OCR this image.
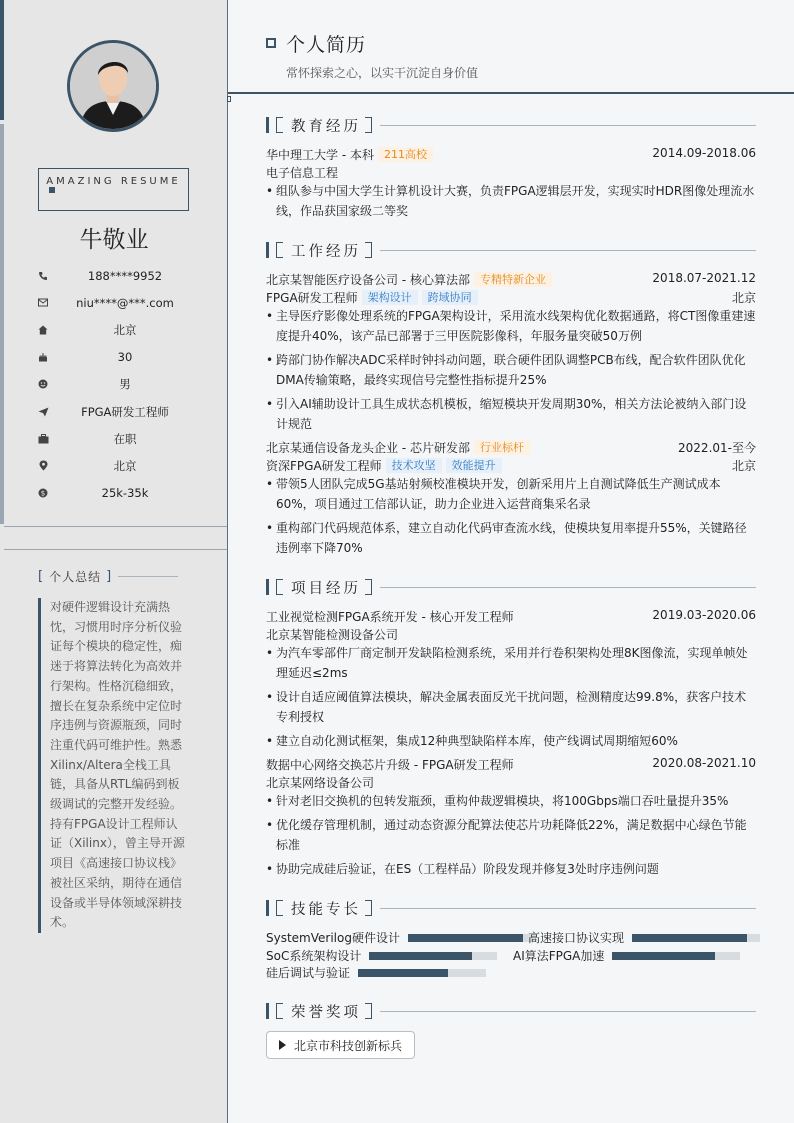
AMAZING RESUME
牛敬业
188****9952
niu****@***.com
北京
30
男
FPGA研发工程师
在职
北京
$	25k-35k
[ 个人总结 ]
对硬件逻辑设计充满热忱，习惯用时序分析仪验证每个模块的稳定性，痴迷于将算法转化为高效并行架构。性格沉稳细致，擅长在复杂系统中定位时序违例与资源瓶颈，同时注重代码可维护性。熟悉Xilinx/Altera全栈工具链，具备从RTL编码到板级调试的完整开发经验。持有FPGA设计工程师认证（Xilinx），曾主导开源项目《高速接口协议栈》被社区采纳，期待在通信设备或半导体领域深耕技术。
个人简历
常怀探索之心，以实干沉淀自身价值
教育经历
华中理工大学 - 本科 211高校	2014.09-2018.06
电子信息工程
• 组队参与中国大学生计算机设计大赛，负责FPGA逻辑层开发，实现实时HDR图像处理流水线，作品获国家级二等奖
工作经历
北京某智能医疗设备公司 - 核心算法部 专精特新企业	2018.07-2021.12
FPGA研发工程师 架构设计	跨域协同	北京
• 主导医疗影像处理系统的FPGA架构设计，采用流水线架构优化数据通路，将CT图像重建速度提升40%，该产品已部署于三甲医院影像科，年服务量突破50万例
• 跨部门协作解决ADC采样时钟抖动问题，联合硬件团队调整PCB布线，配合软件团队优化DMA传输策略，最终实现信号完整性指标提升25%
• 引入AI辅助设计工具生成状态机模板，缩短模块开发周期30%，相关方法论被纳入部门设计规范
北京某通信设备龙头企业 - 芯片研发部 行业标杆	2022.01-至今
资深FPGA研发工程师 技术攻坚	效能提升	北京
• 带领5人团队完成5G基站射频校准模块开发，创新采用片上自测试降低生产测试成本60%，项目通过工信部认证，助力企业进入运营商集采名录
• 重构部门代码规范体系，建立自动化代码审查流水线，使模块复用率提升55%，关键路径违例率下降70%
项目经历
工业视觉检测FPGA系统开发 - 核心开发工程师	2019.03-2020.06
北京某智能检测设备公司
• 为汽车零部件厂商定制开发缺陷检测系统，采用并行卷积架构处理8K图像流，实现单帧处理延迟≤2ms
• 设计自适应阈值算法模块，解决金属表面反光干扰问题，检测精度达99.8%，获客户技术专利授权
• 建立自动化测试框架，集成12种典型缺陷样本库，使产线调试周期缩短60%
数据中心网络交换芯片升级 - FPGA研发工程师	2020.08-2021.10
北京某网络设备公司
• 针对老旧交换机的包转发瓶颈，重构仲裁逻辑模块，将100Gbps端口吞吐量提升35%
• 优化缓存管理机制，通过动态资源分配算法使芯片功耗降低22%，满足数据中心绿色节能标准
• 协助完成硅后验证，在ES（工程样品）阶段发现并修复3处时序违例问题
技能专长
SystemVerilog硬件设计	高速接口协议实现
SoC系统架构设计	AI算法FPGA加速
硅后调试与验证
荣誉奖项
北京市科技创新标兵
